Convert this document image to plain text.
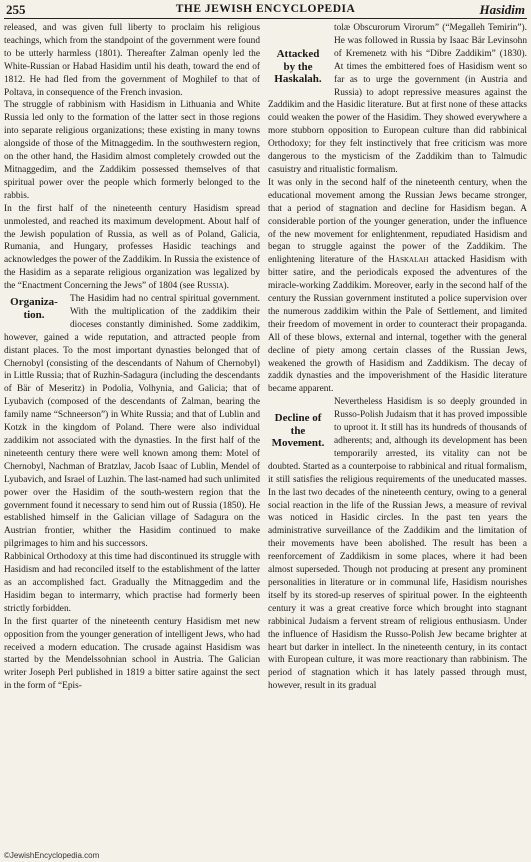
255	THE JEWISH ENCYCLOPEDIA	Hasidim

released, and was given full liberty to proclaim his religious teachings, which from the standpoint of the government were found to be utterly harmless (1801). Thereafter Zalman openly led the White-Russian or Habad Hasidim until his death, toward the end of 1812. He had fled from the government of Moghilef to that of Poltava, in consequence of the French invasion.

The struggle of rabbinism with Hasidism in Lithuania and White Russia led only to the formation of the latter sect in those regions into separate religious organizations; these existing in many towns alongside of those of the Mitnaggedim. In the southwestern region, on the other hand, the Hasidim almost completely crowded out the Mitnaggedim, and the Zaddikim possessed themselves of that spiritual power over the people which formerly belonged to the rabbis.

In the first half of the nineteenth century Hasidism spread unmolested, and reached its maximum development. About half of the Jewish population of Russia, as well as of Poland, Galicia, Rumania, and Hungary, professes Hasidic teachings and acknowledges the power of the Zaddikim. In Russia the existence of the Hasidim as a separate religious organization was legalized by the “Enactment Concerning the Jews” of 1804 (see Russia).

Organiza-
tion.

The Hasidim had no central spiritual government. With the multiplication of the zaddikim their dioceses constantly diminished. Some zaddikim, however, gained a wide reputation, and attracted people from distant places. To the most important dynasties belonged that of Chernobyl (consisting of the descendants of Nahum of Chernobyl) in Little Russia; that of Ruzhin-Sadagura (including the descendants of Bär of Meseritz) in Podolia, Volhynia, and Galicia; that of Lyubavich (composed of the descendants of Zalman, bearing the family name “Schneerson”) in White Russia; and that of Lublin and Kotzk in the kingdom of Poland. There were also individual zaddikim not associated with the dynasties. In the first half of the nineteenth century there were well known among them: Motel of Chernobyl, Nachman of Bratzlav, Jacob Isaac of Lublin, Mendel of Lyubavich, and Israel of Luzhin. The last-named had such unlimited power over the Hasidim of the south-western region that the government found it necessary to send him out of Russia (1850). He established himself in the Galician village of Sadagura on the Austrian frontier, whither the Hasidim continued to make pilgrimages to him and his successors.

Rabbinical Orthodoxy at this time had discontinued its struggle with Hasidism and had reconciled itself to the establishment of the latter as an accomplished fact. Gradually the Mitnaggedim and the Hasidim began to intermarry, which practise had formerly been strictly forbidden.

In the first quarter of the nineteenth century Hasidism met new opposition from the younger generation of intelligent Jews, who had received a modern education. The crusade against Hasidism was started by the Mendelssohnian school in Austria. The Galician writer Joseph Perl published in 1819 a bitter satire against the sect in the form of “Epis-

Attacked
by the
Haskalah.

tolæ Obscurorum Virorum” (“Megalleh Temirin”). He was followed in Russia by Isaac Bär Levinsohn of Kremenetz with his “Dibre Zaddikim” (1830). At times the embittered foes of Hasidism went so far as to urge the government (in Austria and Russia) to adopt repressive measures against the Zaddikim and the Hasidic literature. But at first none of these attacks could weaken the power of the Hasidim. They showed everywhere a more stubborn opposition to European culture than did rabbinical Orthodoxy; for they felt instinctively that free criticism was more dangerous to the mysticism of the Zaddikim than to Talmudic casuistry and ritualistic formalism.

It was only in the second half of the nineteenth century, when the educational movement among the Russian Jews became stronger, that a period of stagnation and decline for Hasidism began. A considerable portion of the younger generation, under the influence of the new movement for enlightenment, repudiated Hasidism and began to struggle against the power of the Zaddikim. The enlightening literature of the Haskalah attacked Hasidism with bitter satire, and the periodicals exposed the adventures of the miracle-working Zaddikim. Moreover, early in the second half of the century the Russian government instituted a police supervision over the numerous zaddikim within the Pale of Settlement, and limited their freedom of movement in order to counteract their propaganda. All of these blows, external and internal, together with the general decline of piety among certain classes of the Russian Jews, weakened the growth of Hasidism and Zaddikism. The decay of zaddik dynasties and the impoverishment of the Hasidic literature became apparent.

Decline of
the
Movement.

Nevertheless Hasidism is so deeply grounded in Russo-Polish Judaism that it has proved impossible to uproot it. It still has its hundreds of thousands of adherents; and, although its development has been temporarily arrested, its vitality can not be doubted. Started as a counterpoise to rabbinical and ritual formalism, it still satisfies the religious requirements of the uneducated masses. In the last two decades of the nineteenth century, owing to a general social reaction in the life of the Russian Jews, a measure of revival was noticed in Hasidic circles. In the past ten years the administrative surveillance of the Zaddikim and the limitation of their movements have been abolished. The result has been a reenforcement of Zaddikism in some places, where it had been almost superseded. Though not producing at present any prominent personalities in literature or in communal life, Hasidism nourishes itself by its stored-up reserves of spiritual power. In the eighteenth century it was a great creative force which brought into stagnant rabbinical Judaism a fervent stream of religious enthusiasm. Under the influence of Hasidism the Russo-Polish Jew became brighter at heart but darker in intellect. In the nineteenth century, in its contact with European culture, it was more reactionary than rabbinism. The period of stagnation which it has lately passed through must, however, result in its gradual

©JewishEncyclopedia.com
